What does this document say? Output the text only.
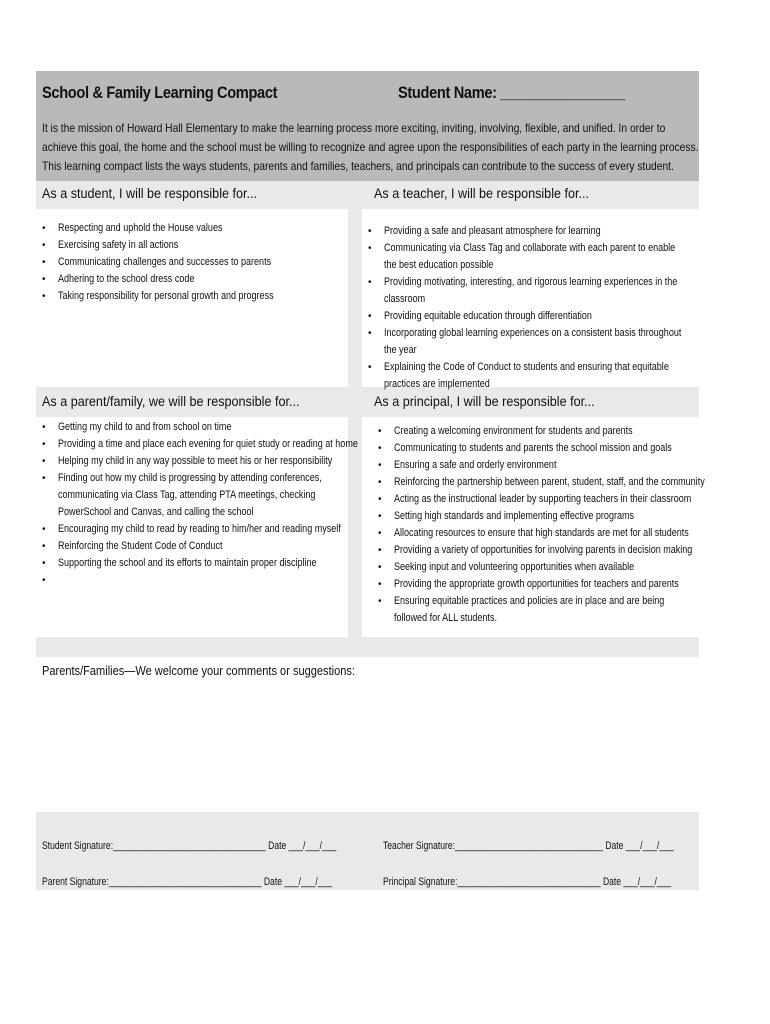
School & Family Learning Compact	Student Name: ________________
It is the mission of Howard Hall Elementary to make the learning process more exciting, inviting, involving, flexible, and unified. In order to achieve this goal, the home and the school must be willing to recognize and agree upon the responsibilities of each party in the learning process. This learning compact lists the ways students, parents and families, teachers, and principals can contribute to the success of every student.
As a student, I will be responsible for...	As a teacher, I will be responsible for...
• Respecting and uphold the House values
• Exercising safety in all actions
• Communicating challenges and successes to parents
• Adhering to the school dress code
• Taking responsibility for personal growth and progress
• Providing a safe and pleasant atmosphere for learning
• Communicating via Class Tag and collaborate with each parent to enable the best education possible
• Providing motivating, interesting, and rigorous learning experiences in the classroom
• Providing equitable education through differentiation
• Incorporating global learning experiences on a consistent basis throughout the year
• Explaining the Code of Conduct to students and ensuring that equitable practices are implemented
As a parent/family, we will be responsible for...	As a principal, I will be responsible for...
• Getting my child to and from school on time
• Providing a time and place each evening for quiet study or reading at home
• Helping my child in any way possible to meet his or her responsibility
• Finding out how my child is progressing by attending conferences, communicating via Class Tag, attending PTA meetings, checking PowerSchool and Canvas, and calling the school
• Encouraging my child to read by reading to him/her and reading myself
• Reinforcing the Student Code of Conduct
• Supporting the school and its efforts to maintain proper discipline
•
• Creating a welcoming environment for students and parents
• Communicating to students and parents the school mission and goals
• Ensuring a safe and orderly environment
• Reinforcing the partnership between parent, student, staff, and the community
• Acting as the instructional leader by supporting teachers in their classroom
• Setting high standards and implementing effective programs
• Allocating resources to ensure that high standards are met for all students
• Providing a variety of opportunities for involving parents in decision making
• Seeking input and volunteering opportunities when available
• Providing the appropriate growth opportunities for teachers and parents
• Ensuring equitable practices and policies are in place and are being followed for ALL students.
Parents/Families—We welcome your comments or suggestions:
Student Signature:________________________________ Date ___/___/___	Teacher Signature:_______________________________ Date ___/___/___
Parent Signature:________________________________ Date ___/___/___	Principal Signature:______________________________ Date ___/___/___
